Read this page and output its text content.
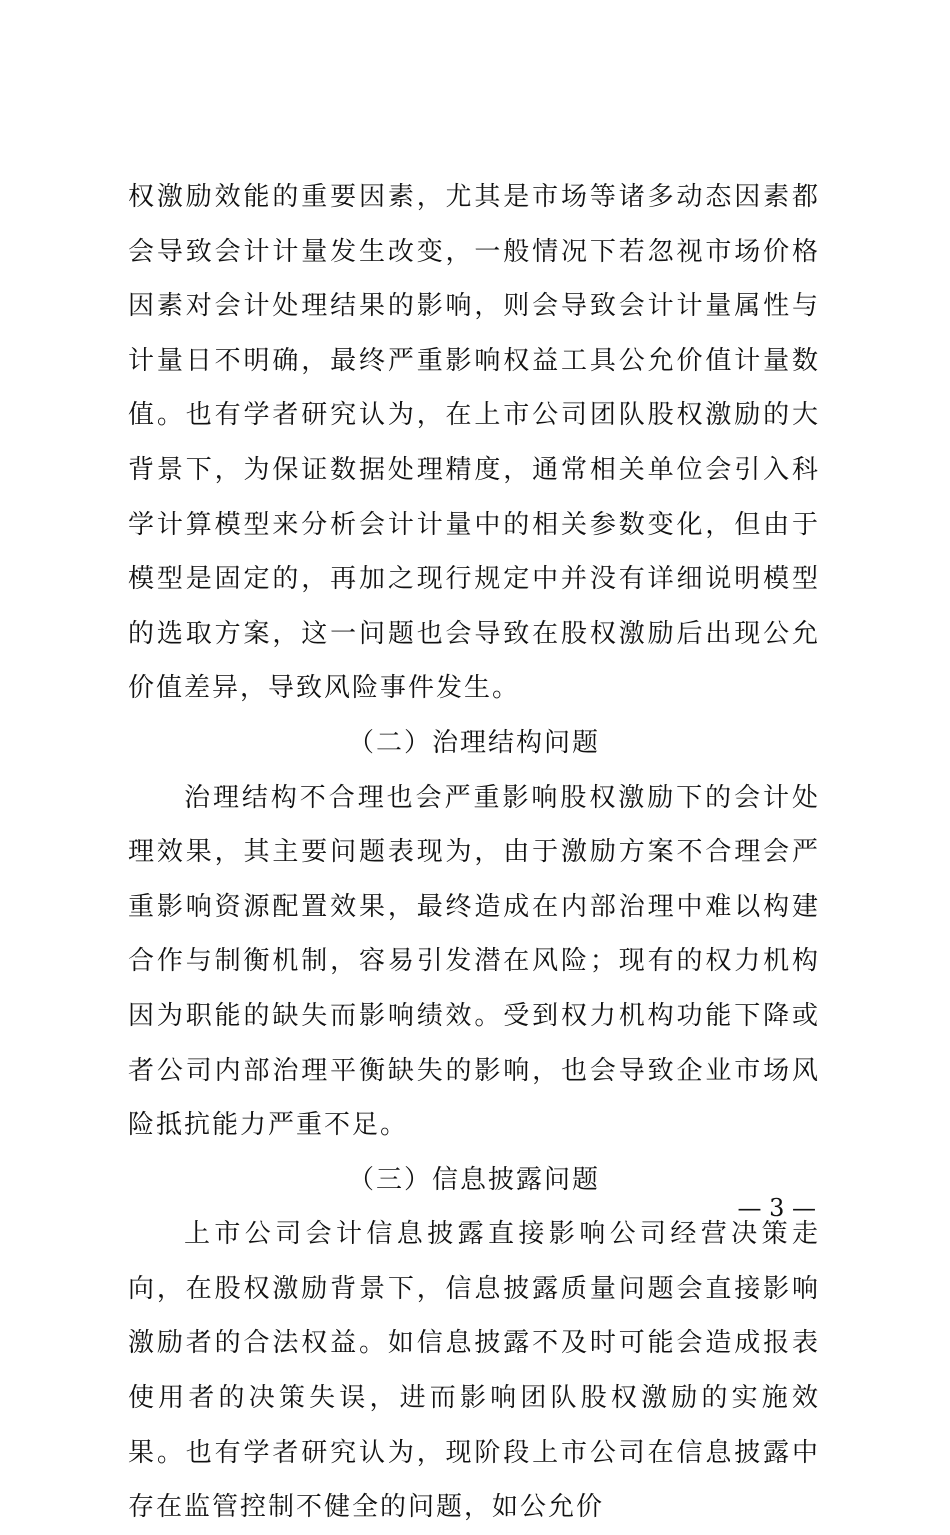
权激励效能的重要因素，尤其是市场等诸多动态因素都会导致会计计量发生改变，一般情况下若忽视市场价格因素对会计处理结果的影响，则会导致会计计量属性与计量日不明确，最终严重影响权益工具公允价值计量数值。也有学者研究认为，在上市公司团队股权激励的大背景下，为保证数据处理精度，通常相关单位会引入科学计算模型来分析会计计量中的相关参数变化，但由于模型是固定的，再加之现行规定中并没有详细说明模型的选取方案，这一问题也会导致在股权激励后出现公允价值差异，导致风险事件发生。

（二）治理结构问题

治理结构不合理也会严重影响股权激励下的会计处理效果，其主要问题表现为，由于激励方案不合理会严重影响资源配置效果，最终造成在内部治理中难以构建合作与制衡机制，容易引发潜在风险；现有的权力机构因为职能的缺失而影响绩效。受到权力机构功能下降或者公司内部治理平衡缺失的影响，也会导致企业市场风险抵抗能力严重不足。

（三）信息披露问题

上市公司会计信息披露直接影响公司经营决策走向，在股权激励背景下，信息披露质量问题会直接影响激励者的合法权益。如信息披露不及时可能会造成报表使用者的决策失误，进而影响团队股权激励的实施效果。也有学者研究认为，现阶段上市公司在信息披露中存在监管控制不健全的问题，如公允价

— 3 —
